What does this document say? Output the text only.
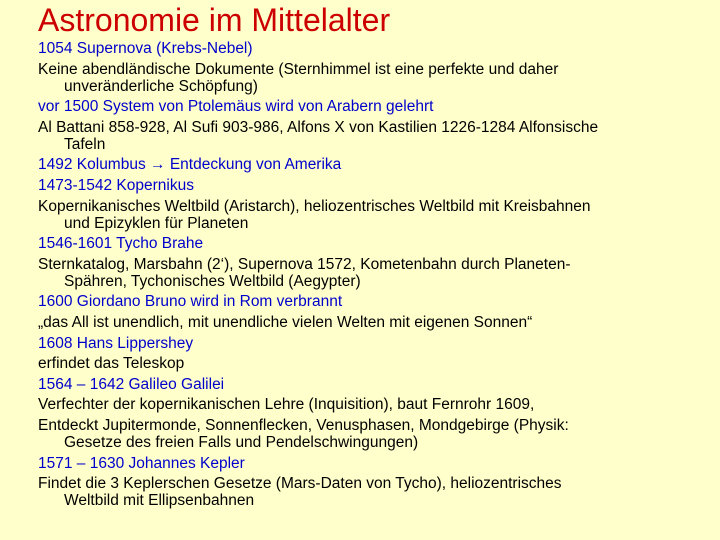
Astronomie im Mittelalter
1054 Supernova (Krebs-Nebel)
Keine abendländische Dokumente (Sternhimmel ist eine perfekte und daher
unveränderliche Schöpfung)
vor 1500 System von Ptolemäus wird von Arabern gelehrt
Al Battani 858-928, Al Sufi 903-986, Alfons X von Kastilien 1226-1284 Alfonsische
Tafeln
1492 Kolumbus → Entdeckung von Amerika
1473-1542 Kopernikus
Kopernikanisches Weltbild (Aristarch), heliozentrisches Weltbild mit Kreisbahnen
und Epizyklen für Planeten
1546-1601 Tycho Brahe
Sternkatalog, Marsbahn (2‘), Supernova 1572, Kometenbahn durch Planeten-
Spähren, Tychonisches Weltbild (Aegypter)
1600 Giordano Bruno wird in Rom verbrannt
„das All ist unendlich, mit unendliche vielen Welten mit eigenen Sonnen“
1608 Hans Lippershey
erfindet das Teleskop
1564 – 1642 Galileo Galilei
Verfechter der kopernikanischen Lehre (Inquisition), baut Fernrohr 1609,
Entdeckt Jupitermonde, Sonnenflecken, Venusphasen, Mondgebirge (Physik:
Gesetze des freien Falls und Pendelschwingungen)
1571 – 1630 Johannes Kepler
Findet die 3 Keplerschen Gesetze (Mars-Daten von Tycho), heliozentrisches
Weltbild mit Ellipsenbahnen
